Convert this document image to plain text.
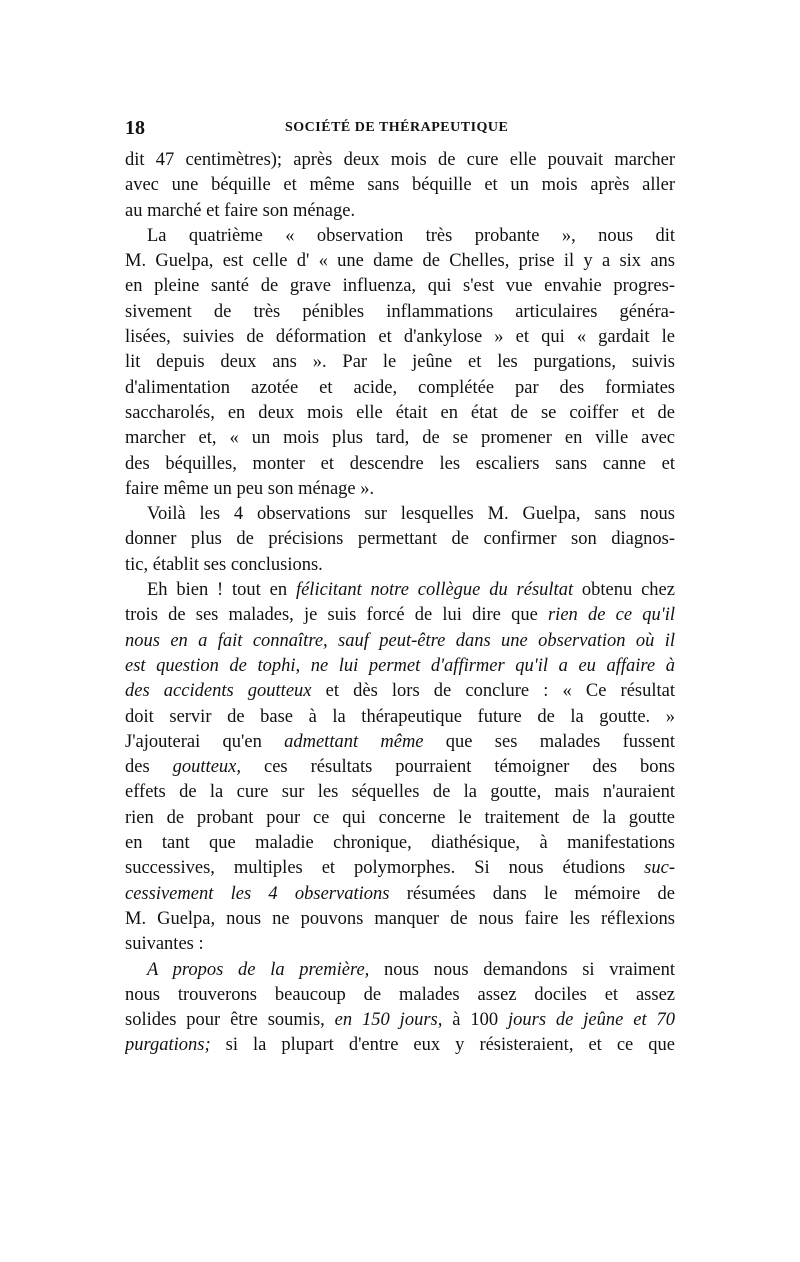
18	SOCIÉTÉ DE THÉRAPEUTIQUE
dit 47 centimètres); après deux mois de cure elle pouvait marcher
avec une béquille et même sans béquille et un mois après aller
au marché et faire son ménage.
La quatrième « observation très probante », nous dit
M. Guelpa, est celle d' « une dame de Chelles, prise il y a six ans
en pleine santé de grave influenza, qui s'est vue envahie progres-
sivement de très pénibles inflammations articulaires généra-
lisées, suivies de déformation et d'ankylose » et qui « gardait le
lit depuis deux ans ». Par le jeûne et les purgations, suivis
d'alimentation azotée et acide, complétée par des formiates
saccharolés, en deux mois elle était en état de se coiffer et de
marcher et, « un mois plus tard, de se promener en ville avec
des béquilles, monter et descendre les escaliers sans canne et
faire même un peu son ménage ».
Voilà les 4 observations sur lesquelles M. Guelpa, sans nous
donner plus de précisions permettant de confirmer son diagnos-
tic, établit ses conclusions.
Eh bien ! tout en félicitant notre collègue du résultat obtenu chez
trois de ses malades, je suis forcé de lui dire que rien de ce qu'il
nous en a fait connaître, sauf peut-être dans une observation où il
est question de tophi, ne lui permet d'affirmer qu'il a eu affaire à
des accidents goutteux et dès lors de conclure : « Ce résultat
doit servir de base à la thérapeutique future de la goutte. »
J'ajouterai qu'en admettant même que ses malades fussent
des goutteux, ces résultats pourraient témoigner des bons
effets de la cure sur les séquelles de la goutte, mais n'auraient
rien de probant pour ce qui concerne le traitement de la goutte
en tant que maladie chronique, diathésique, à manifestations
successives, multiples et polymorphes. Si nous étudions suc-
cessivement les 4 observations résumées dans le mémoire de
M. Guelpa, nous ne pouvons manquer de nous faire les réflexions
suivantes :
A propos de la première, nous nous demandons si vraiment
nous trouverons beaucoup de malades assez dociles et assez
solides pour être soumis, en 150 jours, à 100 jours de jeûne et 70
purgations; si la plupart d'entre eux y résisteraient, et ce que
